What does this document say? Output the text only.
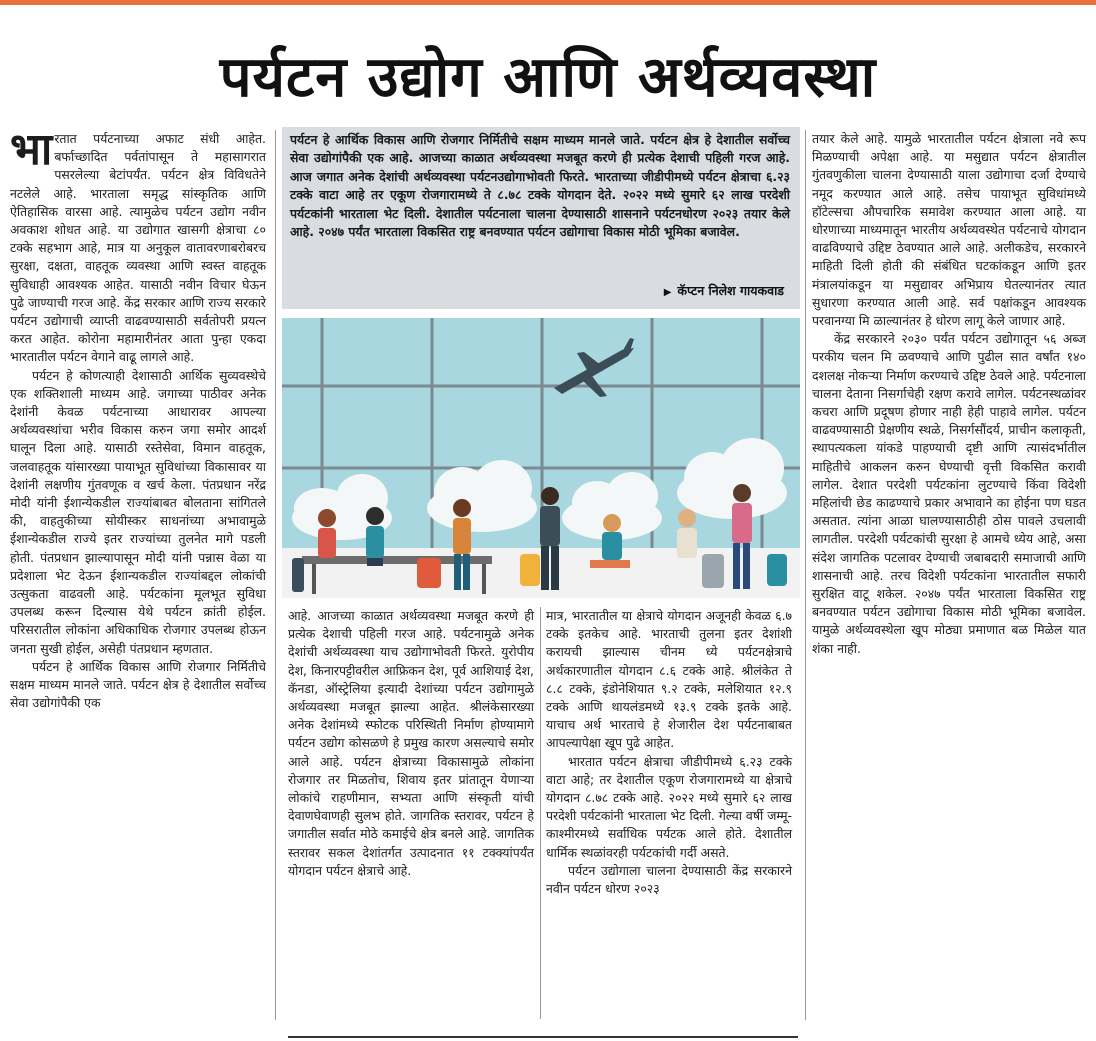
पर्यटन उद्योग आणि अर्थव्यवस्था

भारतात पर्यटनाच्या अफाट संधी आहेत. बर्फाच्छादित पर्वतांपासून ते महासागरात पसरलेल्या बेटांपर्यंत. पर्यटन क्षेत्र विविधतेने नटलेले आहे. भारताला समृद्ध सांस्कृतिक आणि ऐतिहासिक वारसा आहे. त्यामुळेच पर्यटन उद्योग नवीन अवकाश शोधत आहे. या उद्योगात खासगी क्षेत्राचा ८० टक्के सहभाग आहे, मात्र या अनुकूल वातावरणाबरोबरच सुरक्षा, दक्षता, वाहतूक व्यवस्था आणि स्वस्त वाहतूक सुविधाही आवश्यक आहेत. यासाठी नवीन विचार घेऊन पुढे जाण्याची गरज आहे. केंद्र सरकार आणि राज्य सरकारे पर्यटन उद्योगाची व्याप्ती वाढवण्यासाठी सर्वतोपरी प्रयत्न करत आहेत. कोरोना महामारीनंतर आता पुन्हा एकदा भारतातील पर्यटन वेगाने वाढू लागले आहे.

पर्यटन हे कोणत्याही देशासाठी आर्थिक सुव्यवस्थेचे एक शक्तिशाली माध्यम आहे. जगाच्या पाठीवर अनेक देशांनी केवळ पर्यटनाच्या आधारावर आपल्या अर्थव्यवस्थांचा भरीव विकास करुन जगा समोर आदर्श घालून दिला आहे. यासाठी रस्तेसेवा, विमान वाहतूक, जलवाहतूक यांसारख्या पायाभूत सुविधांच्या विकासावर या देशांनी लक्षणीय गुंतवणूक व खर्च केला. पंतप्रधान नरेंद्र मोदी यांनी ईशान्येकडील राज्यांबाबत बोलताना सांगितले की, वाहतुकीच्या सोयीस्कर साधनांच्या अभावामुळे ईशान्येकडील राज्ये इतर राज्यांच्या तुलनेत मागे पडली होती. पंतप्रधान झाल्यापासून मोदी यांनी पन्नास वेळा या प्रदेशाला भेट देऊन ईशान्यकडील राज्यांबद्दल लोकांची उत्सुकता वाढवली आहे. पर्यटकांना मूलभूत सुविधा उपलब्ध करून दिल्यास येथे पर्यटन क्रांती होईल. परिसरातील लोकांना अधिकाधिक रोजगार उपलब्ध होऊन जनता सुखी होईल, असेही पंतप्रधान म्हणतात.

पर्यटन हे आर्थिक विकास आणि रोजगार निर्मितीचे सक्षम माध्यम मानले जाते. पर्यटन क्षेत्र हे देशातील सर्वोच्च सेवा उद्योगांपैकी एक

पर्यटन हे आर्थिक विकास आणि रोजगार निर्मितीचे सक्षम माध्यम मानले जाते. पर्यटन क्षेत्र हे देशातील सर्वोच्च सेवा उद्योगांपैकी एक आहे. आजच्या काळात अर्थव्यवस्था मजबूत करणे ही प्रत्येक देशाची पहिली गरज आहे. आज जगात अनेक देशांची अर्थव्यवस्था पर्यटनउद्योगाभोवती फिरते. भारताच्या जीडीपीमध्ये पर्यटन क्षेत्राचा ६.२३ टक्के वाटा आहे तर एकूण रोजगारामध्ये ते ८.७८ टक्के योगदान देते. २०२२ मध्ये सुमारे ६२ लाख परदेशी पर्यटकांनी भारताला भेट दिली. देशातील पर्यटनाला चालना देण्यासाठी शासनाने पर्यटनधोरण २०२३ तयार केले आहे. २०४७ पर्यंत भारताला विकसित राष्ट्र बनवण्यात पर्यटन उद्योगाचा विकास मोठी भूमिका बजावेल.
▶ कॅप्टन निलेश गायकवाड

आहे. आजच्या काळात अर्थव्यवस्था मजबूत करणे ही प्रत्येक देशाची पहिली गरज आहे. पर्यटनामुळे अनेक देशांची अर्थव्यवस्था याच उद्योगाभोवती फिरते. युरोपीय देश, किनारपट्टीवरील आफ्रिकन देश, पूर्व आशियाई देश, कॅनडा, ऑस्ट्रेलिया इत्यादी देशांच्या पर्यटन उद्योगामुळे अर्थव्यवस्था मजबूत झाल्या आहेत. श्रीलंकेसारख्या अनेक देशांमध्ये स्फोटक परिस्थिती निर्माण होण्यामागे पर्यटन उद्योग कोसळणे हे प्रमुख कारण असल्याचे समोर आले आहे. पर्यटन क्षेत्राच्या विकासामुळे लोकांना रोजगार तर मिळतोच, शिवाय इतर प्रांतातून येणाऱ्या लोकांचे राहणीमान, सभ्यता आणि संस्कृती यांची देवाणघेवाणही सुलभ होते. जागतिक स्तरावर, पर्यटन हे जगातील सर्वात मोठे कमाईचे क्षेत्र बनले आहे. जागतिक स्तरावर सकल देशांतर्गत उत्पादनात ११ टक्क्यांपर्यंत योगदान पर्यटन क्षेत्राचे आहे.

मात्र, भारतातील या क्षेत्राचे योगदान अजूनही केवळ ६.७ टक्के इतकेच आहे. भारताची तुलना इतर देशांशी करायची झाल्यास चीनम ध्ये पर्यटनक्षेत्राचे अर्थकारणातील योगदान ८.६ टक्के आहे. श्रीलंकेत ते ८.८ टक्के, इंडोनेशियात ९.२ टक्के, मलेशियात १२.९ टक्के आणि थायलंडमध्ये १३.९ टक्के इतके आहे. याचाच अर्थ भारताचे हे शेजारील देश पर्यटनाबाबत आपल्यापेक्षा खूप पुढे आहेत.

भारतात पर्यटन क्षेत्राचा जीडीपीमध्ये ६.२३ टक्के वाटा आहे; तर देशातील एकूण रोजगारामध्ये या क्षेत्राचे योगदान ८.७८ टक्के आहे. २०२२ मध्ये सुमारे ६२ लाख परदेशी पर्यटकांनी भारताला भेट दिली. गेल्या वर्षी जम्मू-काश्मीरमध्ये सर्वाधिक पर्यटक आले होते. देशातील धार्मिक स्थळांवरही पर्यटकांची गर्दी असते.

पर्यटन उद्योगाला चालना देण्यासाठी केंद्र सरकारने नवीन पर्यटन धोरण २०२३

तयार केले आहे. यामुळे भारतातील पर्यटन क्षेत्राला नवे रूप मिळण्याची अपेक्षा आहे. या मसुद्यात पर्यटन क्षेत्रातील गुंतवणुकीला चालना देण्यासाठी याला उद्योगाचा दर्जा देण्याचे नमूद करण्यात आले आहे. तसेच पायाभूत सुविधांमध्ये हॉटेल्सचा औपचारिक समावेश करण्यात आला आहे. या धोरणाच्या माध्यमातून भारतीय अर्थव्यवस्थेत पर्यटनाचे योगदान वाढविण्याचे उद्दिष्ट ठेवण्यात आले आहे. अलीकडेच, सरकारने माहिती दिली होती की संबंधित घटकांकडून आणि इतर मंत्रालयांकडून या मसुद्यावर अभिप्राय घेतल्यानंतर त्यात सुधारणा करण्यात आली आहे. सर्व पक्षांकडून आवश्यक परवानग्या मि ळाल्यानंतर हे धोरण लागू केले जाणार आहे.

केंद्र सरकारने २०३० पर्यंत पर्यटन उद्योगातून ५६ अब्ज परकीय चलन मि ळवण्याचे आणि पुढील सात वर्षांत १४० दशलक्ष नोकऱ्या निर्माण करण्याचे उद्दिष्ट ठेवले आहे. पर्यटनाला चालना देताना निसर्गाचेही रक्षण करावे लागेल. पर्यटनस्थळांवर कचरा आणि प्रदूषण होणार नाही हेही पाहावे लागेल. पर्यटन वाढवण्यासाठी प्रेक्षणीय स्थळे, निसर्गसौंदर्य, प्राचीन कलाकृती, स्थापत्यकला यांकडे पाहण्याची दृष्टी आणि त्यासंदर्भातील माहितीचे आकलन करुन घेण्याची वृत्ती विकसित करावी लागेल. देशात परदेशी पर्यटकांना लुटण्याचे किंवा विदेशी महिलांची छेड काढण्याचे प्रकार अभावाने का होईना पण घडत असतात. त्यांना आळा घालण्यासाठीही ठोस पावले उचलावी लागतील. परदेशी पर्यटकांची सुरक्षा हे आमचे ध्येय आहे, असा संदेश जागतिक पटलावर देण्याची जबाबदारी समाजाची आणि शासनाची आहे. तरच विदेशी पर्यटकांना भारतातील सफारी सुरक्षित वाटू शकेल. २०४७ पर्यंत भारताला विकसित राष्ट्र बनवण्यात पर्यटन उद्योगाचा विकास मोठी भूमिका बजावेल. यामुळे अर्थव्यवस्थेला खूप मोठ्या प्रमाणात बळ मिळेल यात शंका नाही.
